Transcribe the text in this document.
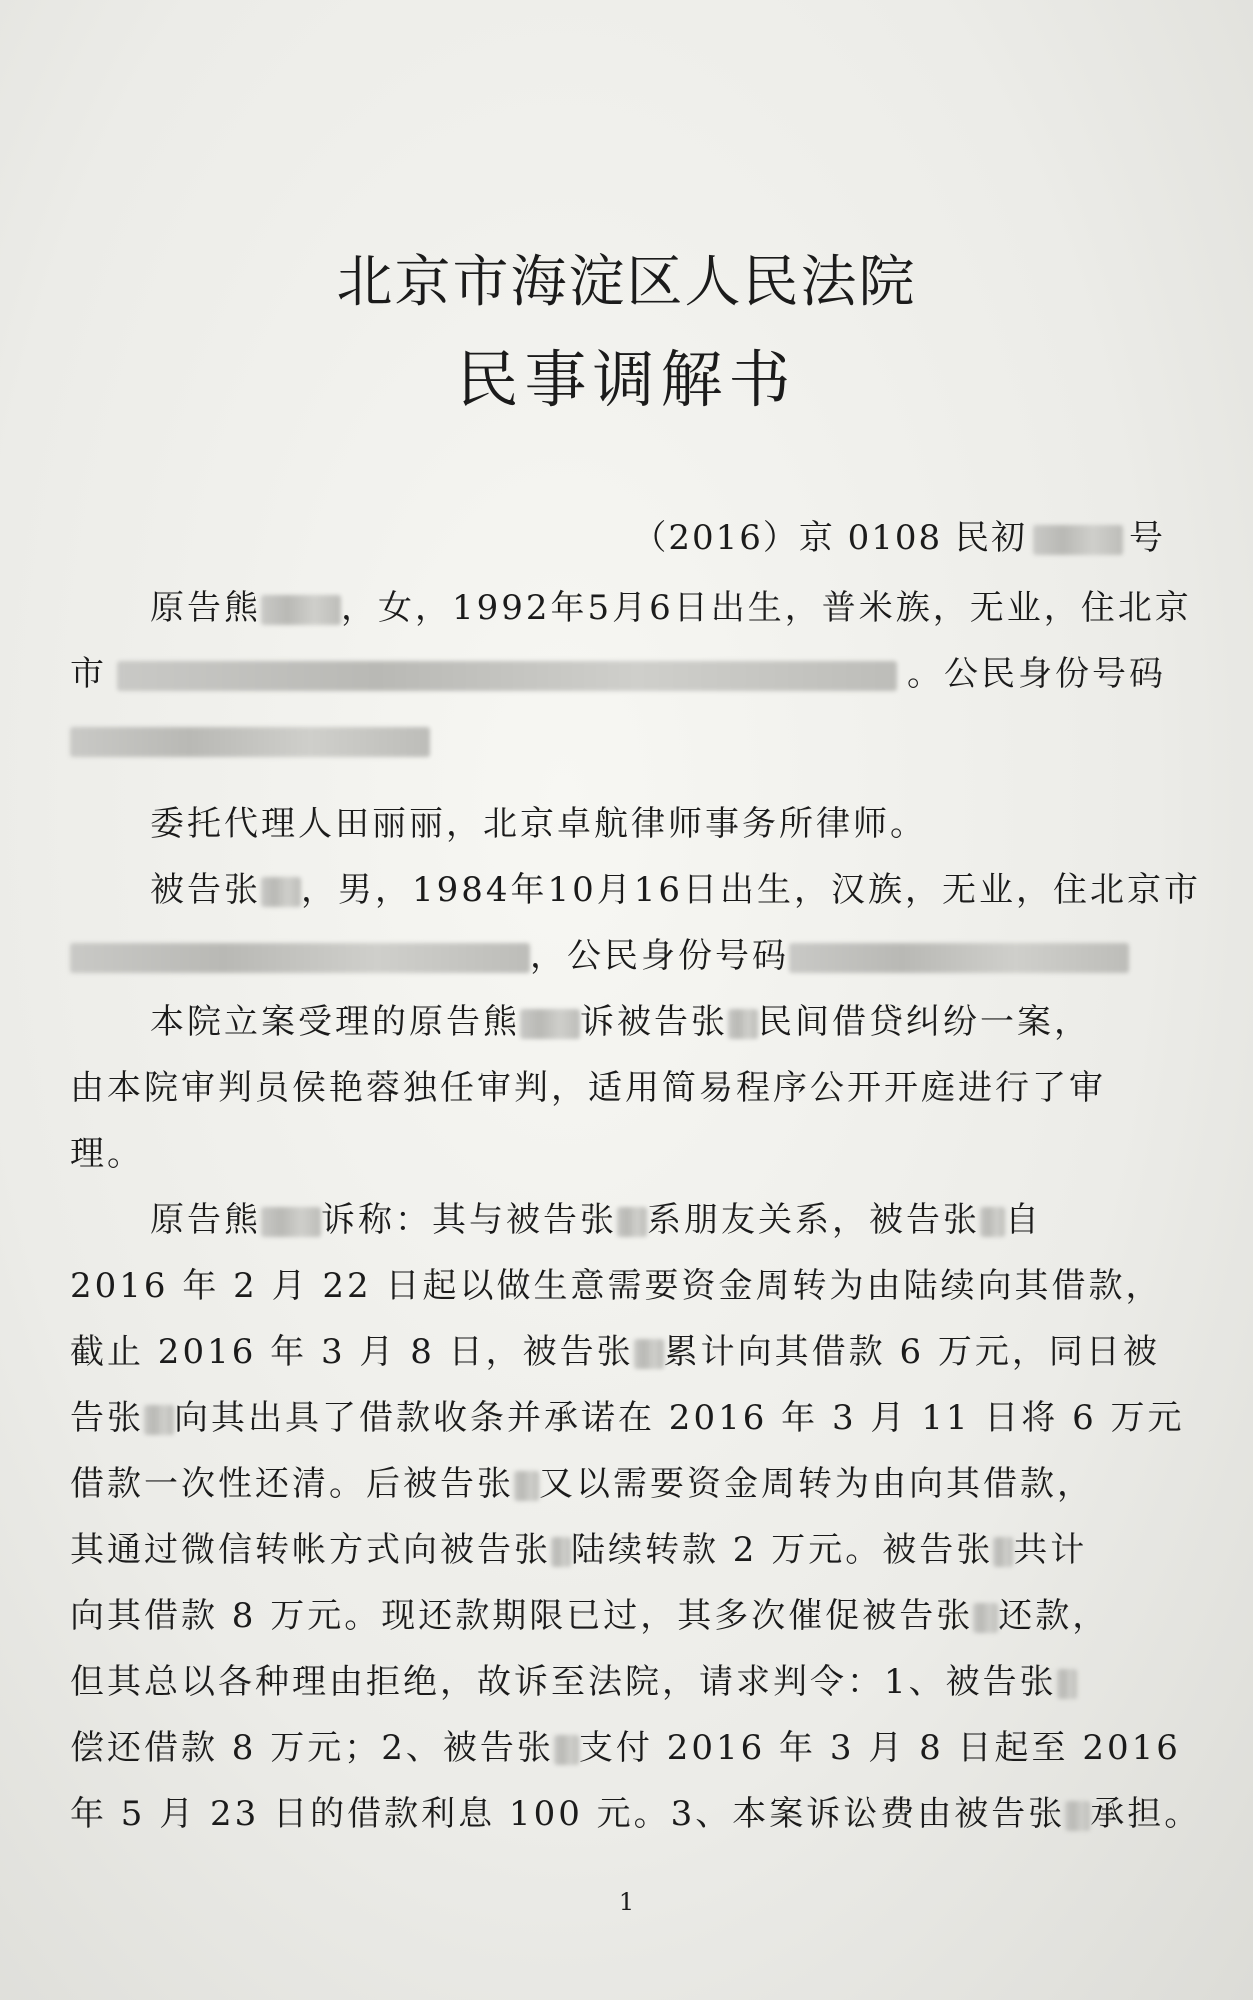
北京市海淀区人民法院
民事调解书
（2016）京 0108 民初	号
原告熊 ，女，1992年5月6日出生，普米族，无业，住北京
市	。公民身份号码
委托代理人田丽丽，北京卓航律师事务所律师。
被告张 ，男，1984年10月16日出生，汉族，无业，住北京市
，公民身份号码
本院立案受理的原告熊 诉被告张 民间借贷纠纷一案，
由本院审判员侯艳蓉独任审判，适用简易程序公开开庭进行了审
理。
原告熊 诉称：其与被告张 系朋友关系，被告张 自
2016 年 2 月 22 日起以做生意需要资金周转为由陆续向其借款，
截止 2016 年 3 月 8 日，被告张 累计向其借款 6 万元，同日被
告张 向其出具了借款收条并承诺在 2016 年 3 月 11 日将 6 万元
借款一次性还清。后被告张 又以需要资金周转为由向其借款，
其通过微信转帐方式向被告张 陆续转款 2 万元。被告张 共计
向其借款 8 万元。现还款期限已过，其多次催促被告张 还款，
但其总以各种理由拒绝，故诉至法院，请求判令：1、被告张
偿还借款 8 万元；2、被告张 支付 2016 年 3 月 8 日起至 2016
年 5 月 23 日的借款利息 100 元。3、本案诉讼费由被告张 承担。
1
